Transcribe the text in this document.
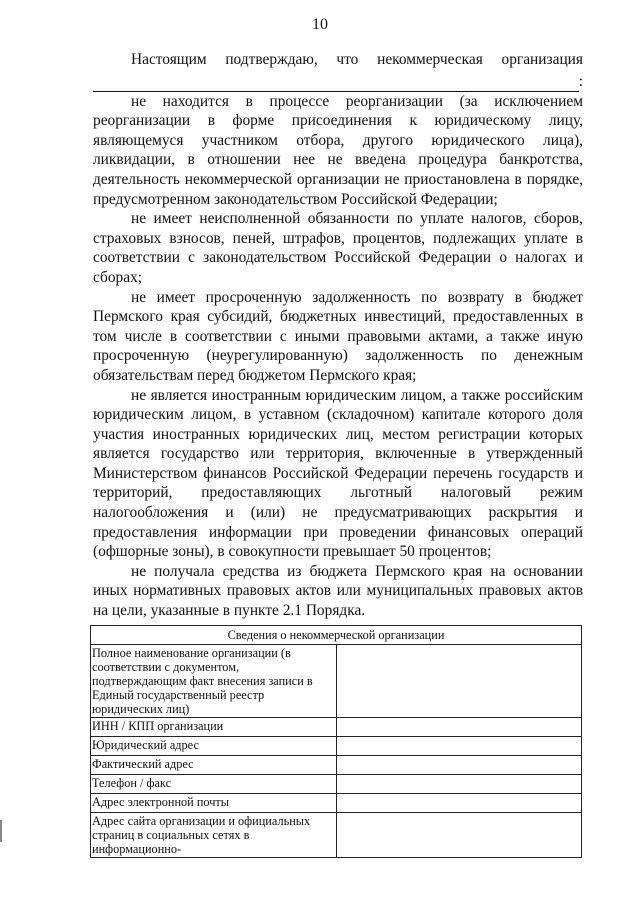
10

Настоящим подтверждаю, что некоммерческая организация

:

не находится в процессе реорганизации (за исключением реорганизации в форме присоединения к юридическому лицу, являющемуся участником отбора, другого юридического лица), ликвидации, в отношении нее не введена процедура банкротства, деятельность некоммерческой организации не приостановлена в порядке, предусмотренном законодательством Российской Федерации;

не имеет неисполненной обязанности по уплате налогов, сборов, страховых взносов, пеней, штрафов, процентов, подлежащих уплате в соответствии с законодательством Российской Федерации о налогах и сборах;

не имеет просроченную задолженность по возврату в бюджет Пермского края субсидий, бюджетных инвестиций, предоставленных в том числе в соответствии с иными правовыми актами, а также иную просроченную (неурегулированную) задолженность по денежным обязательствам перед бюджетом Пермского края;

не является иностранным юридическим лицом, а также российским юридическим лицом, в уставном (складочном) капитале которого доля участия иностранных юридических лиц, местом регистрации которых является государство или территория, включенные в утвержденный Министерством финансов Российской Федерации перечень государств и территорий, предоставляющих льготный налоговый режим налогообложения и (или) не предусматривающих раскрытия и предоставления информации при проведении финансовых операций (офшорные зоны), в совокупности превышает 50 процентов;

не получала средства из бюджета Пермского края на основании иных нормативных правовых актов или муниципальных правовых актов на цели, указанные в пункте 2.1 Порядка.

Сведения о некоммерческой организации	
Полное наименование организации (в соответствии с документом, подтверждающим факт внесения записи в Единый государственный реестр юридических лиц)	
ИНН / КПП организации	
Юридический адрес	
Фактический адрес	
Телефон / факс	
Адрес электронной почты	
Адрес сайта организации и официальных страниц в социальных сетях в информационно-	
